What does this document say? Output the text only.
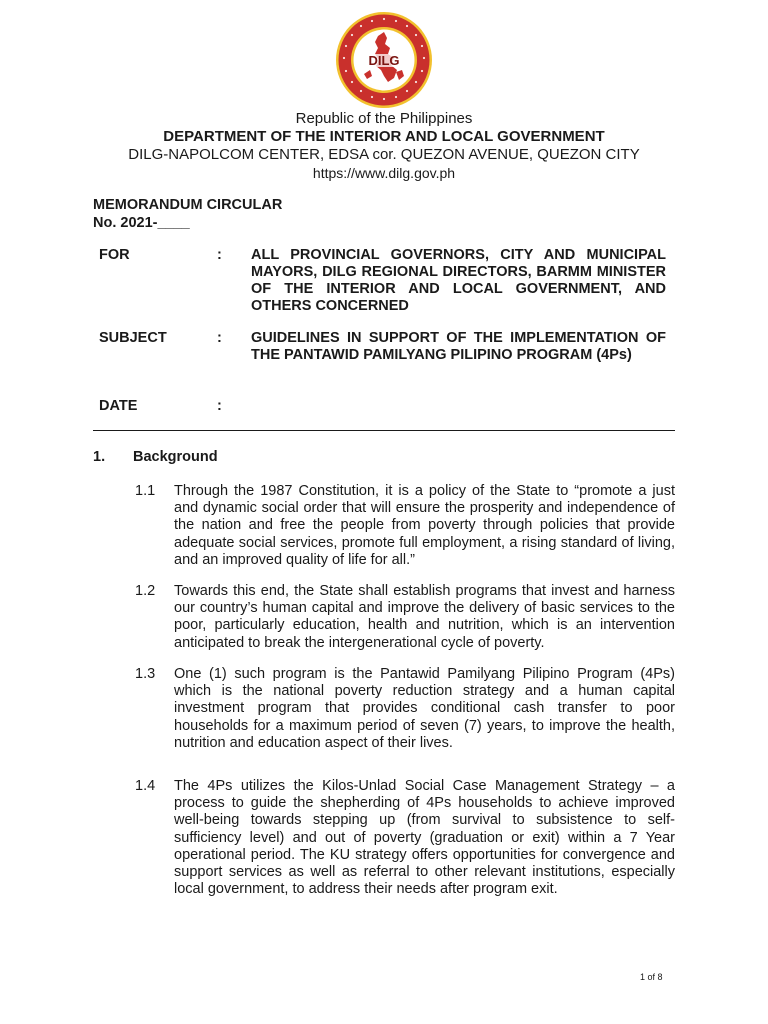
DILG
Republic of the Philippines
DEPARTMENT OF THE INTERIOR AND LOCAL GOVERNMENT
DILG-NAPOLCOM CENTER, EDSA cor. QUEZON AVENUE, QUEZON CITY
https://www.dilg.gov.ph
MEMORANDUM CIRCULAR
No. 2021-____
FOR	: ALL PROVINCIAL GOVERNORS, CITY AND MUNICIPAL MAYORS, DILG REGIONAL DIRECTORS, BARMM MINISTER OF THE INTERIOR AND LOCAL GOVERNMENT, AND OTHERS CONCERNED
SUBJECT	: GUIDELINES IN SUPPORT OF THE IMPLEMENTATION OF THE PANTAWID PAMILYANG PILIPINO PROGRAM (4Ps)
DATE	:
1. Background
1.1 Through the 1987 Constitution, it is a policy of the State to “promote a just and dynamic social order that will ensure the prosperity and independence of the nation and free the people from poverty through policies that provide adequate social services, promote full employment, a rising standard of living, and an improved quality of life for all.”
1.2 Towards this end, the State shall establish programs that invest and harness our country’s human capital and improve the delivery of basic services to the poor, particularly education, health and nutrition, which is an intervention anticipated to break the intergenerational cycle of poverty.
1.3 One (1) such program is the Pantawid Pamilyang Pilipino Program (4Ps) which is the national poverty reduction strategy and a human capital investment program that provides conditional cash transfer to poor households for a maximum period of seven (7) years, to improve the health, nutrition and education aspect of their lives.
1.4 The 4Ps utilizes the Kilos-Unlad Social Case Management Strategy – a process to guide the shepherding of 4Ps households to achieve improved well-being towards stepping up (from survival to subsistence to self-sufficiency level) and out of poverty (graduation or exit) within a 7 Year operational period. The KU strategy offers opportunities for convergence and support services as well as referral to other relevant institutions, especially local government, to address their needs after program exit.
1 of 8
